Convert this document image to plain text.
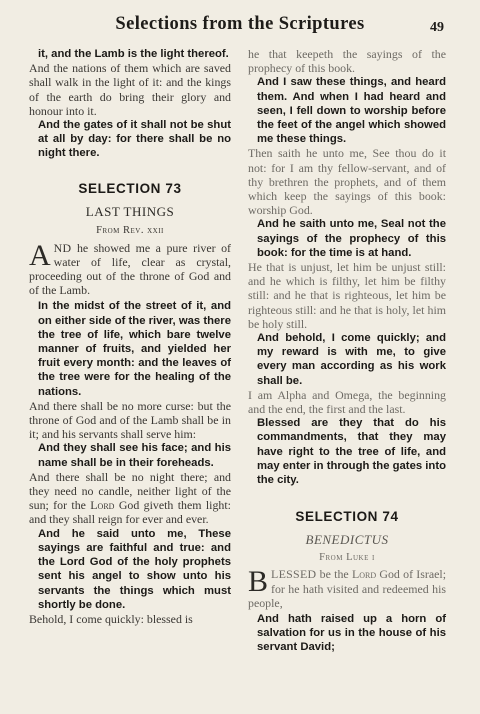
Selections from the Scriptures	49

it, and the Lamb is the light thereof.

And the nations of them which are saved shall walk in the light of it: and the kings of the earth do bring their glory and honour into it.

And the gates of it shall not be shut at all by day: for there shall be no night there.

SELECTION 73
LAST THINGS
From Rev. xxii

AND he showed me a pure river of water of life, clear as crystal, proceeding out of the throne of God and of the Lamb.

In the midst of the street of it, and on either side of the river, was there the tree of life, which bare twelve manner of fruits, and yielded her fruit every month: and the leaves of the tree were for the healing of the nations.

And there shall be no more curse: but the throne of God and of the Lamb shall be in it; and his servants shall serve him:

And they shall see his face; and his name shall be in their foreheads.

And there shall be no night there; and they need no candle, neither light of the sun; for the Lord God giveth them light: and they shall reign for ever and ever.

And he said unto me, These sayings are faithful and true: and the Lord God of the holy prophets sent his angel to show unto his servants the things which must shortly be done.

Behold, I come quickly: blessed is

he that keepeth the sayings of the prophecy of this book.

And I saw these things, and heard them. And when I had heard and seen, I fell down to worship before the feet of the angel which showed me these things.

Then saith he unto me, See thou do it not: for I am thy fellow-servant, and of thy brethren the prophets, and of them which keep the sayings of this book: worship God.

And he saith unto me, Seal not the sayings of the prophecy of this book: for the time is at hand.

He that is unjust, let him be unjust still: and he which is filthy, let him be filthy still: and he that is righteous, let him be righteous still: and he that is holy, let him be holy still.

And behold, I come quickly; and my reward is with me, to give every man according as his work shall be.

I am Alpha and Omega, the beginning and the end, the first and the last.

Blessed are they that do his commandments, that they may have right to the tree of life, and may enter in through the gates into the city.

SELECTION 74
BENEDICTUS
From Luke i

BLESSED be the Lord God of Israel; for he hath visited and redeemed his people,

And hath raised up a horn of salvation for us in the house of his servant David;
